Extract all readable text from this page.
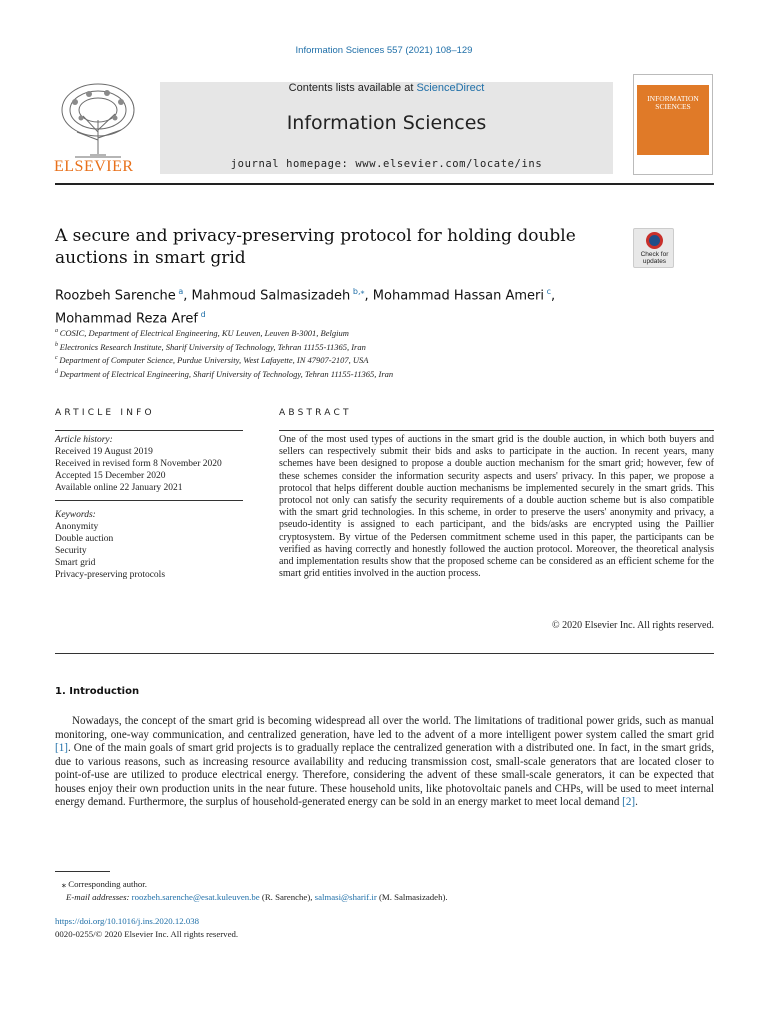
Information Sciences 557 (2021) 108–129
ELSEVIER
Contents lists available at ScienceDirect
Information Sciences
journal homepage: www.elsevier.com/locate/ins
INFORMATION SCIENCES
A secure and privacy-preserving protocol for holding double auctions in smart grid	Check for updates
Roozbeh Sarenche  $^a$, Mahmoud Salmasizadeh  $^{b,⁎}$, Mohammad Hassan Ameri  $^c$,
Mohammad Reza Aref  $^d$
$^a$  COSIC, Department of Electrical Engineering, KU Leuven, Leuven B-3001, Belgium
$^b$  Electronics Research Institute, Sharif University of Technology, Tehran 11155-11365, Iran
$^c$  Department of Computer Science, Purdue University, West Lafayette, IN 47907-2107, USA
$^d$  Department of Electrical Engineering, Sharif University of Technology, Tehran 11155-11365, Iran
ARTICLE INFO
Article history:
Received 19 August 2019
Received in revised form 8 November 2020
Accepted 15 December 2020
Available online 22 January 2021
Keywords:
Anonymity
Double auction
Security
Smart grid
Privacy-preserving protocols
ABSTRACT
One of the most used types of auctions in the smart grid is the double auction, in which both buyers and sellers can respectively submit their bids and asks to participate in the auction. In recent years, many schemes have been designed to propose a double auction mechanism for the smart grid; however, few of these schemes consider the information security aspects and users' privacy. In this paper, we propose a protocol that helps different double auction mechanisms be implemented securely in the smart grids. This protocol not only can satisfy the security requirements of a double auction scheme but is also compatible with the smart grid technologies. In this scheme, in order to preserve the users' anonymity and privacy, a pseudo-identity is assigned to each participant, and the bids/asks are encrypted using the Paillier cryptosystem. By virtue of the Pedersen commitment scheme used in this paper, the participants can be verified as having correctly and honestly followed the auction protocol. Moreover, the theoretical analysis and implementation results show that the proposed scheme can be considered as an efficient scheme for the smart grid entities involved in the auction process.
© 2020 Elsevier Inc. All rights reserved.
1. Introduction
Nowadays, the concept of the smart grid is becoming widespread all over the world. The limitations of traditional power grids, such as manual monitoring, one-way communication, and centralized generation, have led to the advent of a more intelligent power system called the smart grid [1]. One of the main goals of smart grid projects is to gradually replace the centralized generation with a distributed one. In fact, in the smart grids, due to various reasons, such as increasing resource availability and reducing transmission cost, small-scale generators that are located closer to point-of-use are utilized to produce electrical energy. Therefore, considering the advent of these small-scale generators, it can be expected that houses enjoy their own production units in the near future. These household units, like photovoltaic panels and CHPs, will be used to meet internal energy demand. Furthermore, the surplus of household-generated energy can be sold in an energy market to meet local demand [2].
⁎ Corresponding author.
E-mail addresses: roozbeh.sarenche@esat.kuleuven.be (R. Sarenche), salmasi@sharif.ir (M. Salmasizadeh).
https://doi.org/10.1016/j.ins.2020.12.038
0020-0255/© 2020 Elsevier Inc. All rights reserved.
